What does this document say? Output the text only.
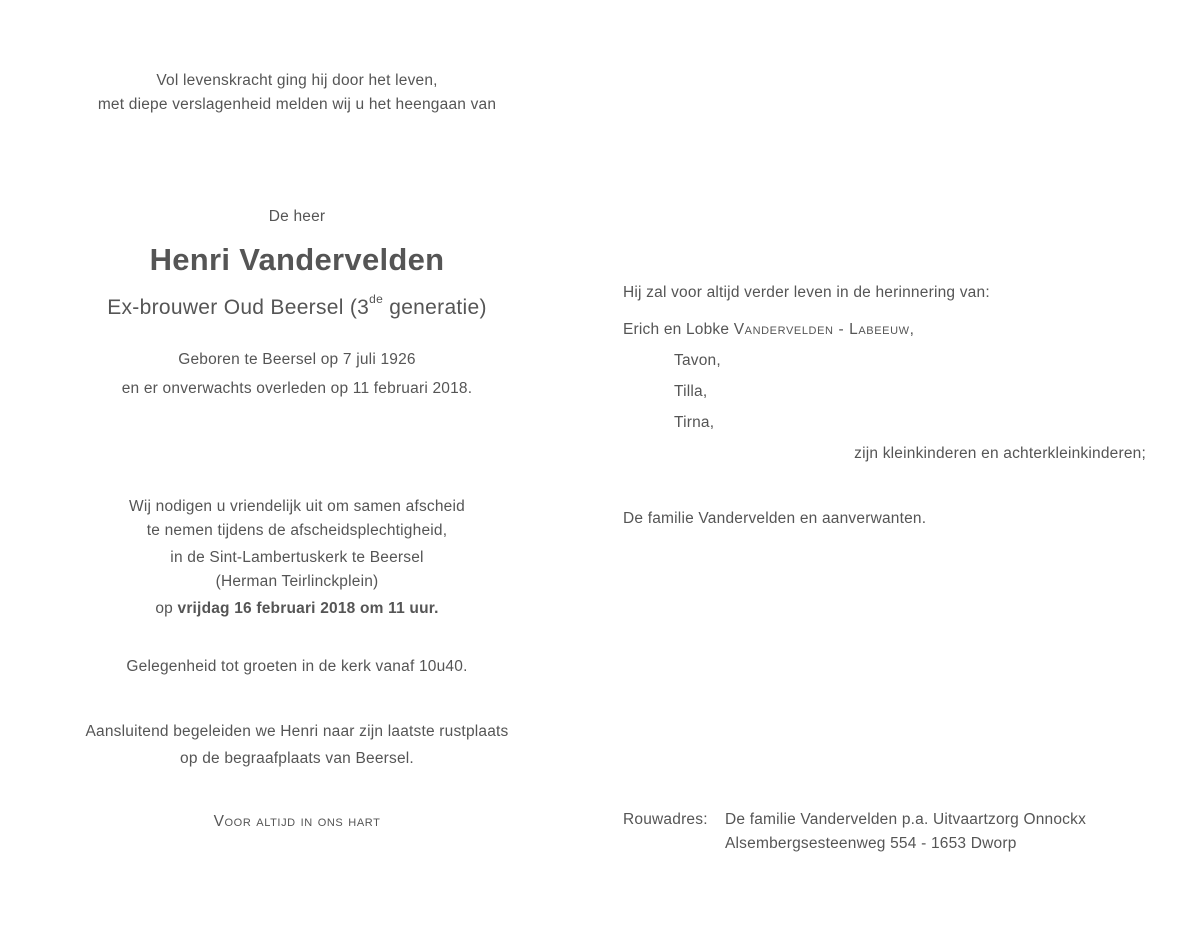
Vol levenskracht ging hij door het leven,
met diepe verslagenheid melden wij u het heengaan van
De heer
Henri Vandervelden
Ex-brouwer Oud Beersel (3de generatie)
Geboren te Beersel op 7 juli 1926
en er onverwachts overleden op 11 februari 2018.
Wij nodigen u vriendelijk uit om samen afscheid
te nemen tijdens de afscheidsplechtigheid,
in de Sint-Lambertuskerk te Beersel
(Herman Teirlinckplein)
op vrijdag 16 februari 2018 om 11 uur.
Gelegenheid tot groeten in de kerk vanaf 10u40.
Aansluitend begeleiden we Henri naar zijn laatste rustplaats
op de begraafplaats van Beersel.
Voor altijd in ons hart
Hij zal voor altijd verder leven in de herinnering van:
Erich en Lobke Vandervelden - Labeeuw,
Tavon,
Tilla,
Tirna,
zijn kleinkinderen en achterkleinkinderen;
De familie Vandervelden en aanverwanten.
Rouwadres: De familie Vandervelden p.a. Uitvaartzorg Onnockx
Alsembergsesteenweg 554 - 1653 Dworp
